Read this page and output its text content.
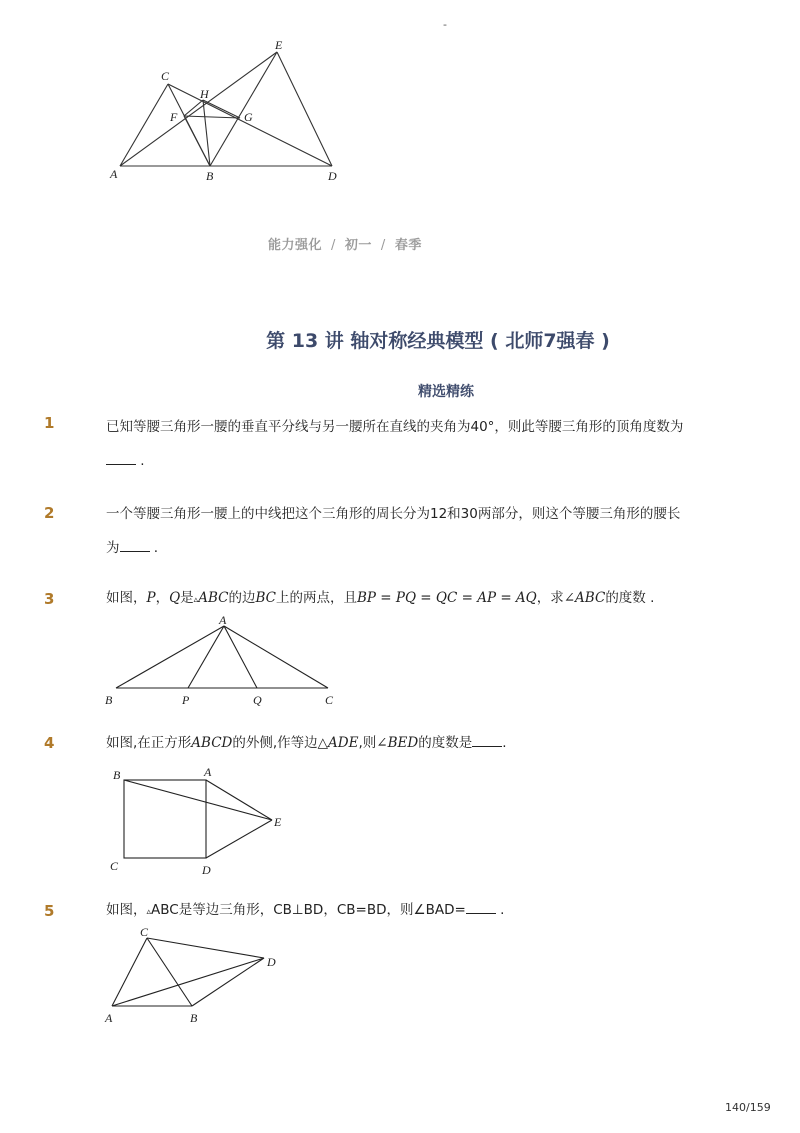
-
A	B
C
D
E
F	G
H
能力强化 / 初一 / 春季
第 13 讲 轴对称经典模型 ( 北师7强春 )
精选精练
1	已知等腰三角形一腰的垂直平分线与另一腰所在直线的夹角为40°，则此等腰三角形的顶角度数为
.
2	一个等腰三角形一腰上的中线把这个三角形的周长分为12和30两部分，则这个等腰三角形的腰长
为 .
3	如图，P，Q是▵ABC的边BC上的两点，且BP = PQ = QC = AP = AQ，求∠ABC的度数 .
A
B	P	Q	C
4	如图,在正方形ABCD的外侧,作等边△ADE,则∠BED的度数是 .
B	A
E
C	D
5	如图，▵ABC是等边三角形，CB⊥BD，CB=BD，则∠BAD= .
C
D
A	B
140/159
